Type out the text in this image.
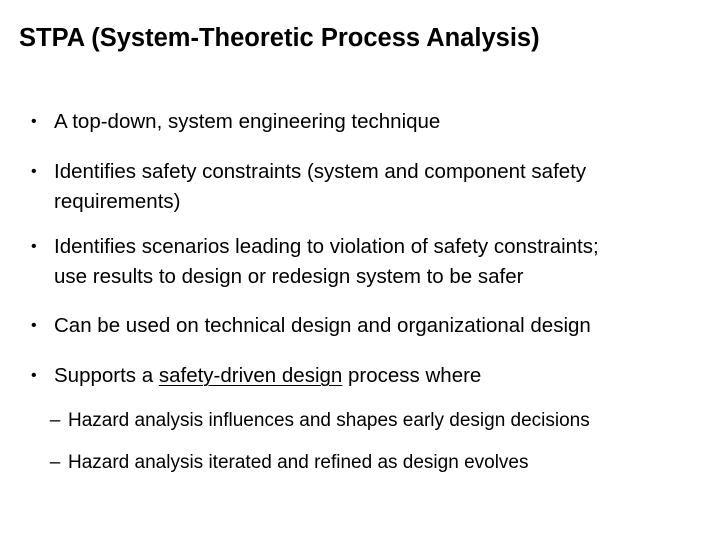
STPA (System-Theoretic Process Analysis)
• A top-down, system engineering technique
• Identifies safety constraints (system and component safety
requirements)
• Identifies scenarios leading to violation of safety constraints;
use results to design or redesign system to be safer
• Can be used on technical design and organizational design
• Supports a safety-driven design process where
– Hazard analysis influences and shapes early design decisions
– Hazard analysis iterated and refined as design evolves
